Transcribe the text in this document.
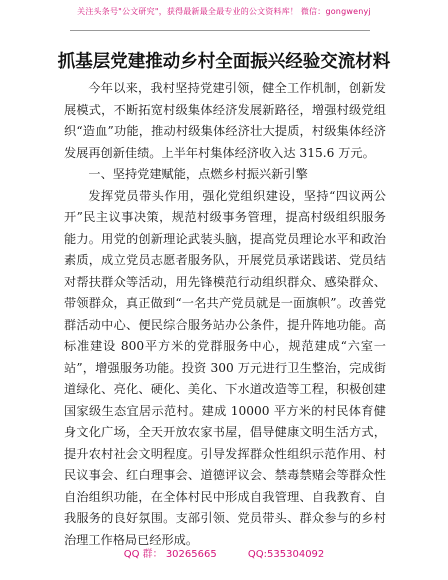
关注头条号"公文研究"，获得最新最全最专业的公文资料库！ 微信：gongwenyj
抓基层党建推动乡村全面振兴经验交流材料

今年以来，我村坚持党建引领，健全工作机制，创新发展模式，不断拓宽村级集体经济发展新路径，增强村级党组织“造血”功能，推动村级集体经济壮大提质，村级集体经济发展再创新佳绩。上半年村集体经济收入达 315.6 万元。

一、坚持党建赋能，点燃乡村振兴新引擎

发挥党员带头作用，强化党组织建设，坚持“四议两公开”民主议事决策，规范村级事务管理，提高村级组织服务能力。用党的创新理论武装头脑，提高党员理论水平和政治素质，成立党员志愿者服务队，开展党员承诺践诺、党员结对帮扶群众等活动，用先锋模范行动组织群众、感染群众、带领群众，真正做到“一名共产党员就是一面旗帜”。改善党群活动中心、便民综合服务站办公条件，提升阵地功能。高标准建设 800平方米的党群服务中心，规范建成“六室一站”，增强服务功能。投资 300 万元进行卫生整治，完成街道绿化、亮化、硬化、美化、下水道改造等工程，积极创建国家级生态宜居示范村。建成 10000 平方米的村民体育健身文化广场，全天开放农家书屋，倡导健康文明生活方式，提升农村社会文明程度。引导发挥群众性组织示范作用、村民议事会、红白理事会、道德评议会、禁毒禁赌会等群众性自治组织功能，在全体村民中形成自我管理、自我教育、自我服务的良好氛围。支部引领、党员带头、群众参与的乡村治理工作格局已经形成。

QQ 群： 30265665	QQ:535304092
